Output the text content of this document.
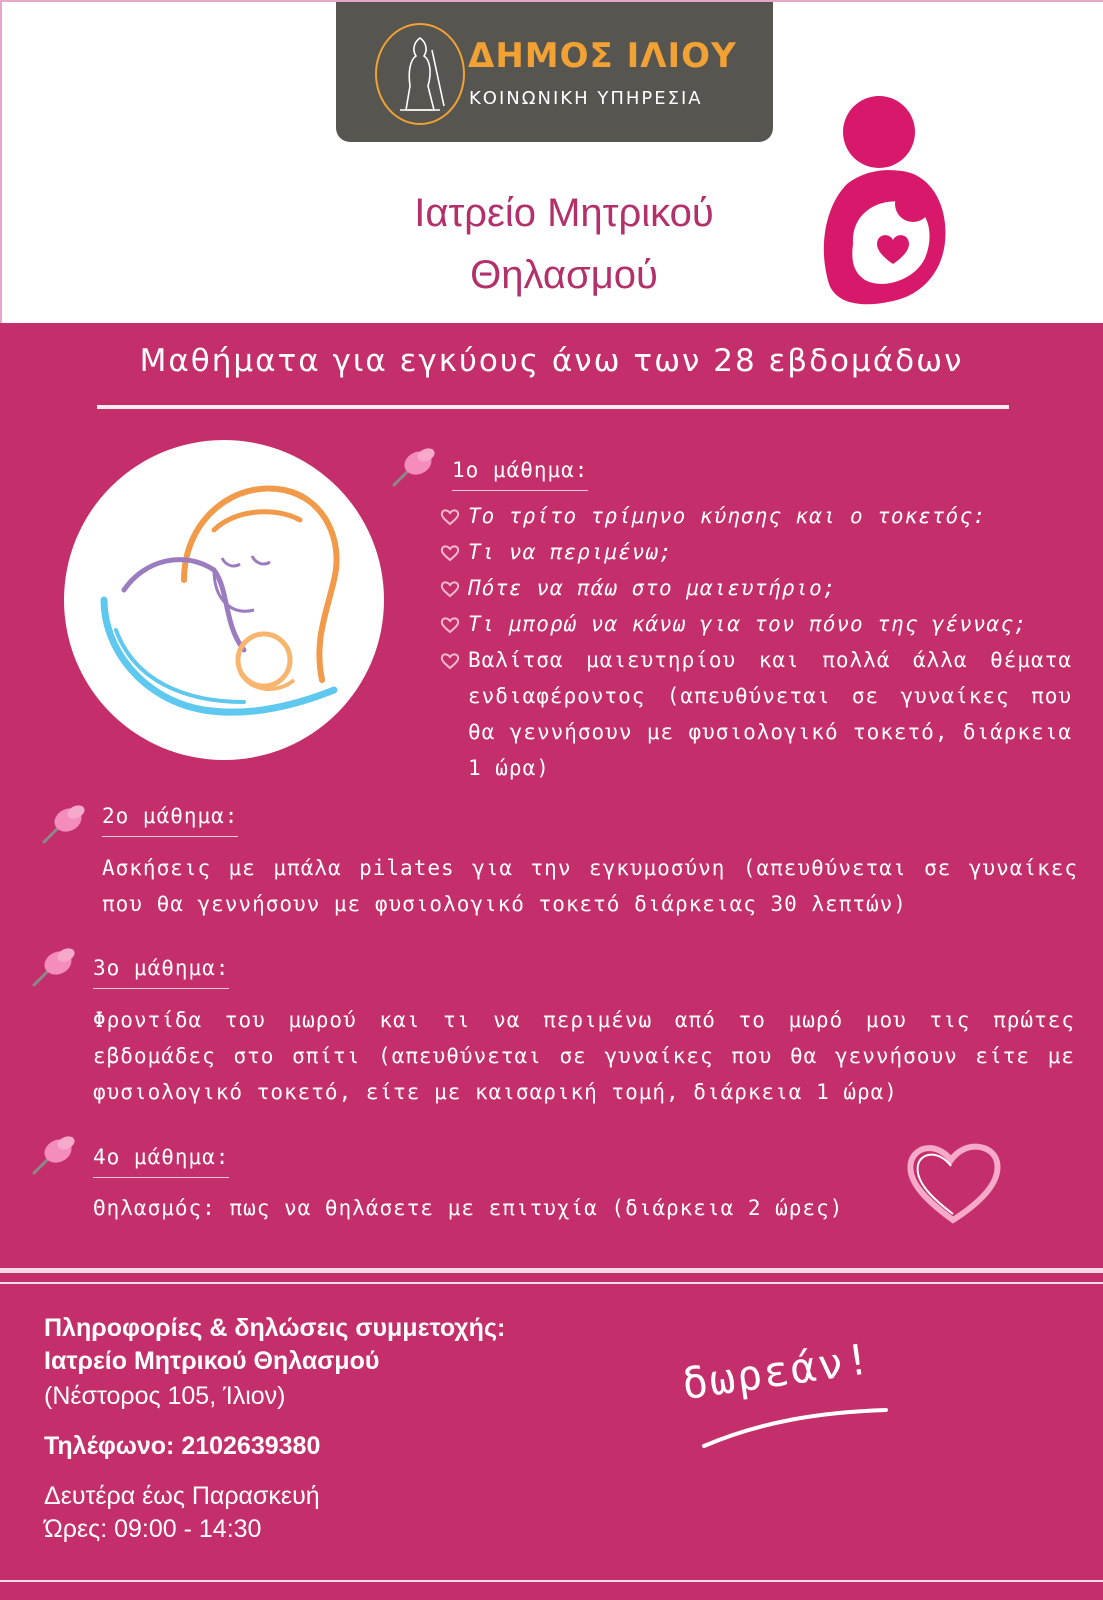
ΔΗΜΟΣ ΙΛΙΟΥ
ΚΟΙΝΩΝΙΚΗ ΥΠΗΡΕΣΙΑ
Ιατρείο Μητρικού
Θηλασμού
Μαθήματα για εγκύους άνω των 28 εβδομάδων
1ο μάθημα:
Το τρίτο τρίμηνο κύησης και ο τοκετός:
Τι να περιμένω;
Πότε να πάω στο μαιευτήριο;
Τι μπορώ να κάνω για τον πόνο της γέννας;
Βαλίτσα μαιευτηρίου και πολλά άλλα θέματα ενδιαφέροντος (απευθύνεται σε γυναίκες που θα γεννήσουν με φυσιολογικό τοκετό, διάρκεια 1 ώρα)
2ο μάθημα:
Ασκήσεις με μπάλα pilates για την εγκυμοσύνη (απευθύνεται σε γυναίκες που θα γεννήσουν με φυσιολογικό τοκετό διάρκειας 30 λεπτών)
3ο μάθημα:
Φροντίδα του μωρού και τι να περιμένω από το μωρό μου τις πρώτες εβδομάδες στο σπίτι (απευθύνεται σε γυναίκες που θα γεννήσουν είτε με φυσιολογικό τοκετό, είτε με καισαρική τομή, διάρκεια 1 ώρα)
4ο μάθημα:
Θηλασμός: πως να θηλάσετε με επιτυχία (διάρκεια 2 ώρες)
Πληροφορίες & δηλώσεις συμμετοχής:
Ιατρείο Μητρικού Θηλασμού
(Νέστορος 105, Ίλιον)
Τηλέφωνο: 2102639380
Δευτέρα έως Παρασκευή
Ώρες: 09:00 - 14:30
δωρεάν!
